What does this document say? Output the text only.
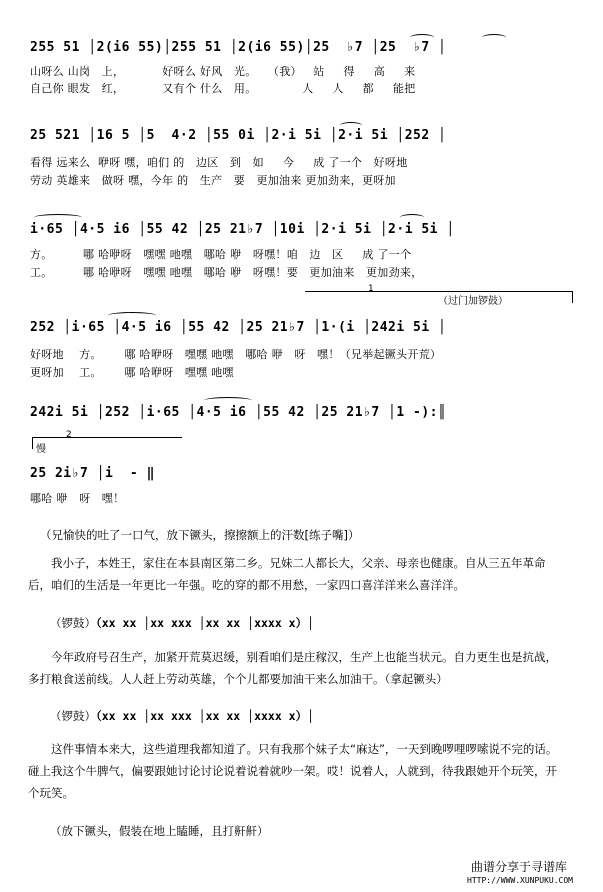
255 51 │2(i6 55)│255 51 │2(i6 55)│25  ♭7 │25  ♭7 │
山呀么 山岗   上，          好呀么 好风   光。   （我）   站     得     高     来
自己你 眼发   红，          又有个 什么   用。            人     人     都     能把
25 521 │16 5 │5  4·2 │55 0i │2·i 5i │2·i 5i │252 │
看得 远来么  咿呀 嘿，咱们 的   边区   到   如     今     成 了一个   好呀地
劳动 英雄来   做呀 嘿，今年 的   生产   要   更加油来 更加劲来，更呀加
i·65 │4·5 i6 │55 42 │25 21♭7 │10i │2·i 5i │2·i 5i │
方。        哪 哈咿呀   嘿嘿 吔嘿   哪哈 咿   呀嘿！咱   边   区     成 了一个
工。        哪 哈咿呀   嘿嘿 吔嘿   哪哈 咿   呀嘿！要   更加油来   更加劲来，
1
（过门加锣鼓）
252 │i·65 │4·5 i6 │55 42 │25 21♭7 │1·(i │242i 5i │
好呀地    方。      哪 哈咿呀   嘿嘿 吔嘿   哪哈 咿   呀   嘿！（兄举起镢头开荒）
更呀加    工。      哪 哈咿呀   嘿嘿 吔嘿
242i 5i │252 │i·65 │4·5 i6 │55 42 │25 21♭7 │1 -):║
2
慢
25 2i♭7 │i  - ‖
哪哈 咿   呀   嘿！
（兄愉快的吐了一口气，放下镢头，擦擦额上的汗数[练子嘴]）
我小子，本姓王，家住在本县南区第二乡。兄妹二人都长大，父亲、母亲也健康。自从三五年革命后，咱们的生活是一年更比一年强。吃的穿的都不用愁，一家四口喜洋洋来么喜洋洋。
（锣鼓）（xx xx │xx xxx │xx xx │xxxx x）│
今年政府号召生产，加紧开荒莫迟缓，别看咱们是庄稼汉，生产上也能当状元。自力更生也是抗战，多打粮食送前线。人人赶上劳动英雄，个个儿都要加油干来么加油干。（拿起镢头）
（锣鼓）（xx xx │xx xxx │xx xx │xxxx x）│
这件事情本来大，这些道理我都知道了。只有我那个妹子太“麻达”，一天到晚啰哩啰嗦说不完的话。碰上我这个牛脾气，偏要跟她讨论讨论说着说着就吵一架。哎！说着人，人就到，待我跟她开个玩笑，开个玩笑。
（放下镢头，假装在地上瞌睡，且打鼾鼾）
曲谱分享于寻谱库
HTTP://WWW.XUNPUKU.COM
